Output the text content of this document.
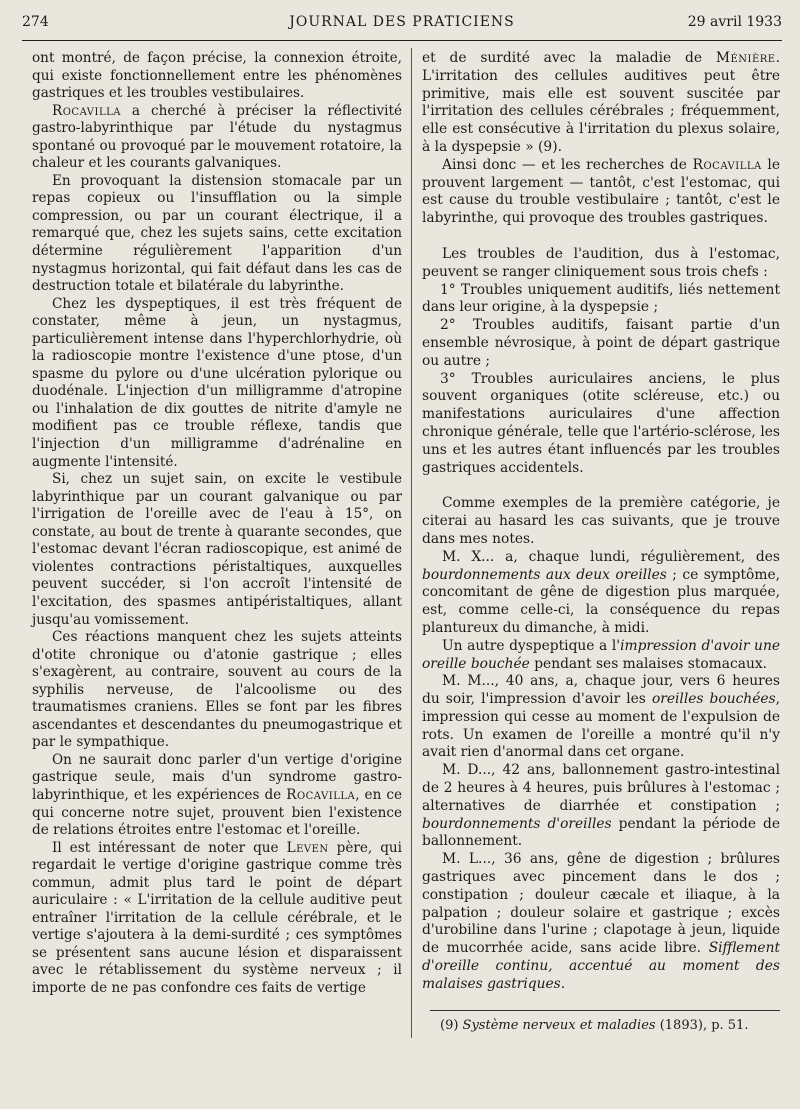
274	JOURNAL DES PRATICIENS	29 avril 1933

ont montré, de façon précise, la connexion étroite, qui existe fonctionnellement entre les phénomènes gastriques et les troubles vestibulaires.

Rocavilla a cherché à préciser la réflectivité gastro-labyrinthique par l'étude du nystagmus spontané ou provoqué par le mouvement rotatoire, la chaleur et les courants galvaniques.

En provoquant la distension stomacale par un repas copieux ou l'insufflation ou la simple compression, ou par un courant électrique, il a remarqué que, chez les sujets sains, cette excitation détermine régulièrement l'apparition d'un nystagmus horizontal, qui fait défaut dans les cas de destruction totale et bilatérale du labyrinthe.

Chez les dyspeptiques, il est très fréquent de constater, même à jeun, un nystagmus, particulièrement intense dans l'hyperchlorhydrie, où la radioscopie montre l'existence d'une ptose, d'un spasme du pylore ou d'une ulcération pylorique ou duodénale. L'injection d'un milligramme d'atropine ou l'inhalation de dix gouttes de nitrite d'amyle ne modifient pas ce trouble réflexe, tandis que l'injection d'un milligramme d'adrénaline en augmente l'intensité.

Si, chez un sujet sain, on excite le vestibule labyrinthique par un courant galvanique ou par l'irrigation de l'oreille avec de l'eau à 15°, on constate, au bout de trente à quarante secondes, que l'estomac devant l'écran radioscopique, est animé de violentes contractions péristaltiques, auxquelles peuvent succéder, si l'on accroît l'intensité de l'excitation, des spasmes antipéristaltiques, allant jusqu'au vomissement.

Ces réactions manquent chez les sujets atteints d'otite chronique ou d'atonie gastrique ; elles s'exagèrent, au contraire, souvent au cours de la syphilis nerveuse, de l'alcoolisme ou des traumatismes craniens. Elles se font par les fibres ascendantes et descendantes du pneumogastrique et par le sympathique.

On ne saurait donc parler d'un vertige d'origine gastrique seule, mais d'un syndrome gastro-labyrinthique, et les expériences de Rocavilla, en ce qui concerne notre sujet, prouvent bien l'existence de relations étroites entre l'estomac et l'oreille.

Il est intéressant de noter que Leven père, qui regardait le vertige d'origine gastrique comme très commun, admit plus tard le point de départ auriculaire : « L'irritation de la cellule auditive peut entraîner l'irritation de la cellule cérébrale, et le vertige s'ajoutera à la demi-surdité ; ces symptômes se présentent sans aucune lésion et disparaissent avec le rétablissement du système nerveux ; il importe de ne pas confondre ces faits de vertige

et de surdité avec la maladie de Ménière. L'irritation des cellules auditives peut être primitive, mais elle est souvent suscitée par l'irritation des cellules cérébrales ; fréquemment, elle est consécutive à l'irritation du plexus solaire, à la dyspepsie » (9).

Ainsi donc — et les recherches de Rocavilla le prouvent largement — tantôt, c'est l'estomac, qui est cause du trouble vestibulaire ; tantôt, c'est le labyrinthe, qui provoque des troubles gastriques.

Les troubles de l'audition, dus à l'estomac, peuvent se ranger cliniquement sous trois chefs :

1° Troubles uniquement auditifs, liés nettement dans leur origine, à la dyspepsie ;

2° Troubles auditifs, faisant partie d'un ensemble névrosique, à point de départ gastrique ou autre ;

3° Troubles auriculaires anciens, le plus souvent organiques (otite scléreuse, etc.) ou manifestations auriculaires d'une affection chronique générale, telle que l'artério-sclérose, les uns et les autres étant influencés par les troubles gastriques accidentels.

Comme exemples de la première catégorie, je citerai au hasard les cas suivants, que je trouve dans mes notes.

M. X... a, chaque lundi, régulièrement, des bourdonnements aux deux oreilles ; ce symptôme, concomitant de gêne de digestion plus marquée, est, comme celle-ci, la conséquence du repas plantureux du dimanche, à midi.

Un autre dyspeptique a l'impression d'avoir une oreille bouchée pendant ses malaises stomacaux.

M. M..., 40 ans, a, chaque jour, vers 6 heures du soir, l'impression d'avoir les oreilles bouchées, impression qui cesse au moment de l'expulsion de rots. Un examen de l'oreille a montré qu'il n'y avait rien d'anormal dans cet organe.

M. D..., 42 ans, ballonnement gastro-intestinal de 2 heures à 4 heures, puis brûlures à l'estomac ; alternatives de diarrhée et constipation ; bourdonnements d'oreilles pendant la période de ballonnement.

M. L..., 36 ans, gêne de digestion ; brûlures gastriques avec pincement dans le dos ; constipation ; douleur cæcale et iliaque, à la palpation ; douleur solaire et gastrique ; excès d'urobiline dans l'urine ; clapotage à jeun, liquide de mucorrhée acide, sans acide libre. Sifflement d'oreille continu, accentué au moment des malaises gastriques.

(9) Système nerveux et maladies (1893), p. 51.
